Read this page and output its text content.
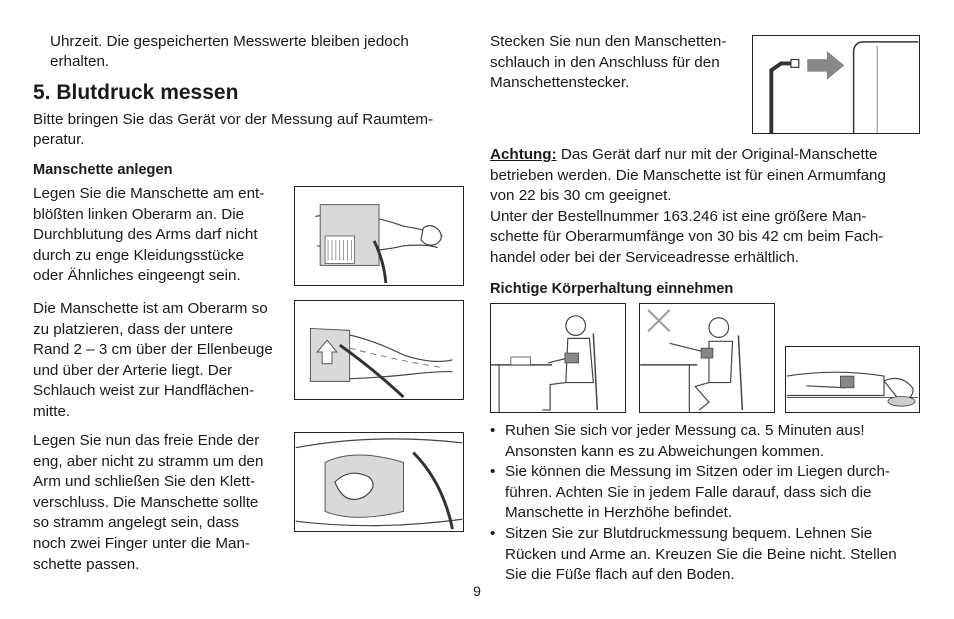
Uhrzeit. Die gespeicherten Messwerte bleiben jedoch

erhalten.

5. Blutdruck messen

Bitte bringen Sie das Gerät vor der Messung auf Raumtem-

peratur.

Manschette anlegen
Legen Sie die Manschette am ent-
blößten linken Oberarm an. Die
Durchblutung des Arms darf nicht
durch zu enge Kleidungsstücke
oder Ähnliches eingeengt sein.
Die Manschette ist am Oberarm so
zu platzieren, dass der untere
Rand 2 – 3 cm über der Ellenbeuge
und über der Arterie liegt. Der
Schlauch weist zur Handflächen-
mitte.
Legen Sie nun das freie Ende der
eng, aber nicht zu stramm um den
Arm und schließen Sie den Klett-
verschluss. Die Manschette sollte
so stramm angelegt sein, dass
noch zwei Finger unter die Man-
schette passen.
Stecken Sie nun den Manschetten-
schlauch in den Anschluss für den
Manschettenstecker.
Achtung: Das Gerät darf nur mit der Original-Manschette
betrieben werden. Die Manschette ist für einen Armumfang
von 22 bis 30 cm geeignet.
Unter der Bestellnummer 163.246 ist eine größere Man-
schette für Oberarmumfänge von 30 bis 42 cm beim Fach-
handel oder bei der Serviceadresse erhältlich.
Richtige Körperhaltung einnehmen
• Ruhen Sie sich vor jeder Messung ca. 5 Minuten aus!
Ansonsten kann es zu Abweichungen kommen.
• Sie können die Messung im Sitzen oder im Liegen durch-
führen. Achten Sie in jedem Falle darauf, dass sich die
Manschette in Herzhöhe befindet.
• Sitzen Sie zur Blutdruckmessung bequem. Lehnen Sie
Rücken und Arme an. Kreuzen Sie die Beine nicht. Stellen
Sie die Füße flach auf den Boden.
9
